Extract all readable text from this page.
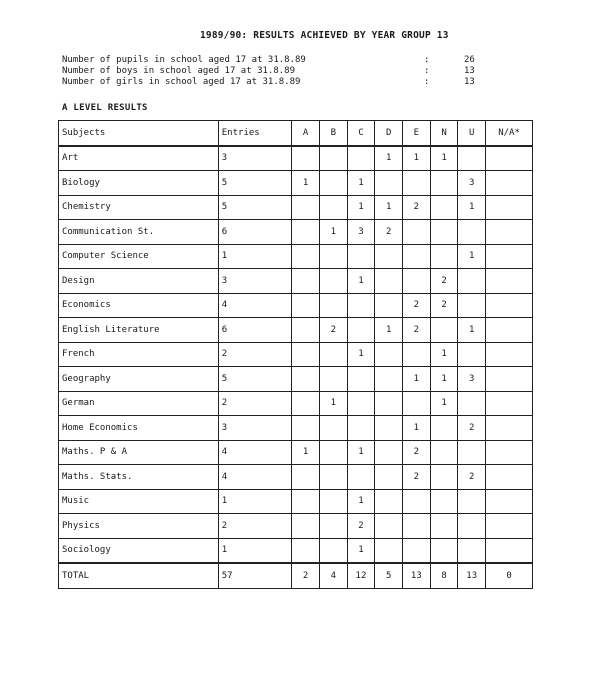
1989/90: RESULTS ACHIEVED BY YEAR GROUP 13
Number of pupils in school aged 17 at 31.8.89	:	26
Number of boys in school aged 17 at 31.8.89	:	13
Number of girls in school aged 17 at 31.8.89	:	13
A LEVEL RESULTS
Subjects	Entries	A	B	C	D	E	N	U	N/A*
Art	3				1	1	1		
Biology	5	1		1				3	
Chemistry	5			1	1	2		1	
Communication St.	6		1	3	2				
Computer Science	1							1	
Design	3			1			2		
Economics	4					2	2		
English Literature	6		2		1	2		1	
French	2			1			1		
Geography	5					1	1	3	
German	2		1				1		
Home Economics	3					1		2	
Maths. P & A	4	1		1		2			
Maths. Stats.	4					2		2	
Music	1			1					
Physics	2			2					
Sociology	1			1					
TOTAL	57	2	4	12	5	13	8	13	0
